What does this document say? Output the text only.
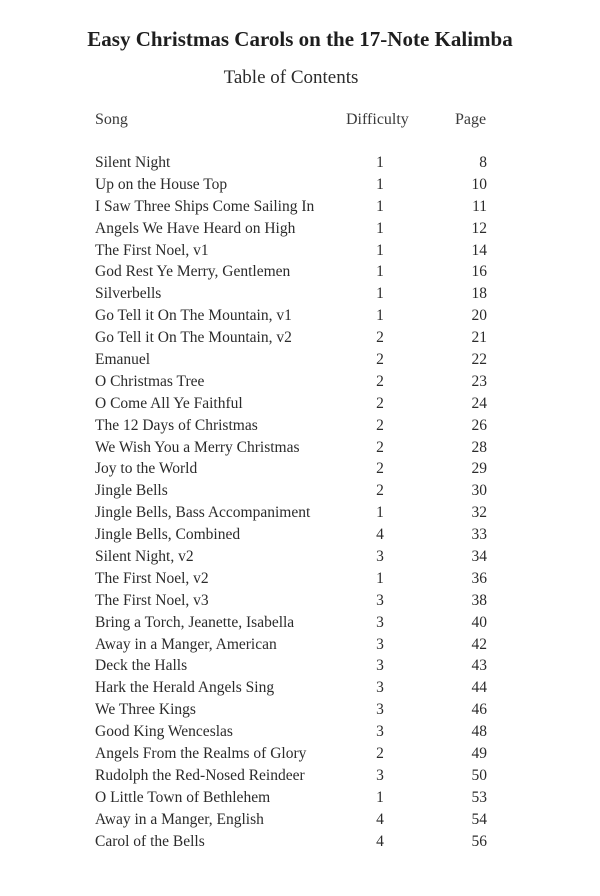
Easy Christmas Carols on the 17-Note Kalimba
Table of Contents
Song	Difficulty	Page
Silent Night	1	8
Up on the House Top	1	10
I Saw Three Ships Come Sailing In	1	11
Angels We Have Heard on High	1	12
The First Noel, v1	1	14
God Rest Ye Merry, Gentlemen	1	16
Silverbells	1	18
Go Tell it On The Mountain, v1	1	20
Go Tell it On The Mountain, v2	2	21
Emanuel	2	22
O Christmas Tree	2	23
O Come All Ye Faithful	2	24
The 12 Days of Christmas	2	26
We Wish You a Merry Christmas	2	28
Joy to the World	2	29
Jingle Bells	2	30
Jingle Bells, Bass Accompaniment	1	32
Jingle Bells, Combined	4	33
Silent Night, v2	3	34
The First Noel, v2	1	36
The First Noel, v3	3	38
Bring a Torch, Jeanette, Isabella	3	40
Away in a Manger, American	3	42
Deck the Halls	3	43
Hark the Herald Angels Sing	3	44
We Three Kings	3	46
Good King Wenceslas	3	48
Angels From the Realms of Glory	2	49
Rudolph the Red-Nosed Reindeer	3	50
O Little Town of Bethlehem	1	53
Away in a Manger, English	4	54
Carol of the Bells	4	56
